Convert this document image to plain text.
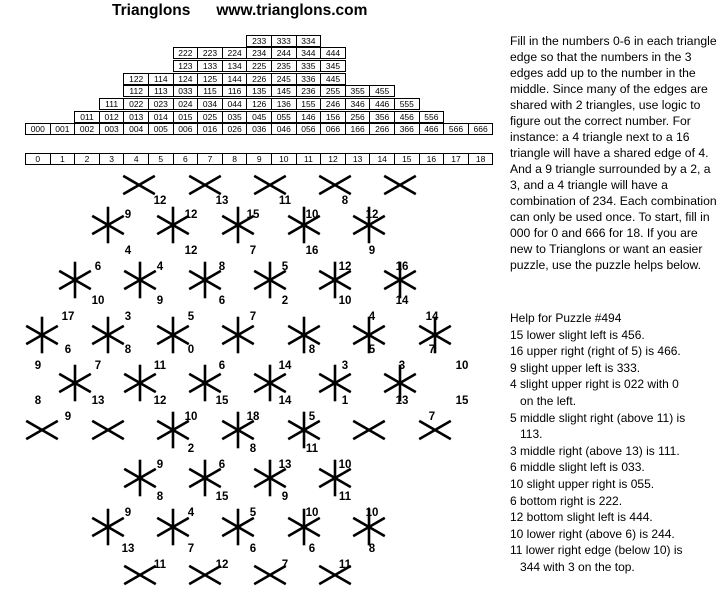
Trianglons www.trianglons.com
0	1	2	3	4	5	6	7	8	9	10	11	12	13	14	15	16	17	18
233	333	334
222	223	224	234	244	344	444
123	133	134	225	235	335	345
122	114	124	125	144	226	245	336	445
112	113	033	115	116	135	145	236	255	355	455
111	022	023	024	034	044	126	136	155	246	346	446	555
011	012	013	014	015	025	035	045	055	146	156	256	356	456	556
000	001	002	003	004	005	006	016	026	036	046	056	066	166	266	366	466	566	666
12	13	11	8
9	12	15	10	12
4	12	7	16	9
6	4	8	5	12	16
10	9	6	2	10	14
17	3	5	7	4	14
6	8	0	8	5	7
9	7	11	6	14	3	3	10
8	13	12	15	14	1	13	15
9	10	18	5	7
2	8	11
9	6	13	10
8	15	9	11
9	4	5	10	10
13	7	6	6	8
11	12	7	11

Fill in the numbers 0-6 in each triangle edge so that the numbers in the 3 edges add up to the number in the middle. Since many of the edges are shared with 2 triangles, use logic to figure out the correct number. For instance: a 4 triangle next to a 16 triangle will have a shared edge of 4. And a 9 triangle surrounded by a 2, a 3, and a 4 triangle will have a combination of 234. Each combination can only be used once. To start, fill in 000 for 0 and 666 for 18. If you are new to Trianglons or want an easier puzzle, use the puzzle helps below.

Help for Puzzle #494
15 lower slight left is 456.
16 upper right (right of 5) is 466.
9 slight upper left is 333.
4 slight upper right is 022 with 0
on the left.
5 middle slight right (above 11) is
113.
3 middle right (above 13) is 111.
6 middle slight left is 033.
10 slight upper right is 055.
6 bottom right is 222.
12 bottom slight left is 444.
10 lower right (above 6) is 244.
11 lower right edge (below 10) is
344 with 3 on the top.
